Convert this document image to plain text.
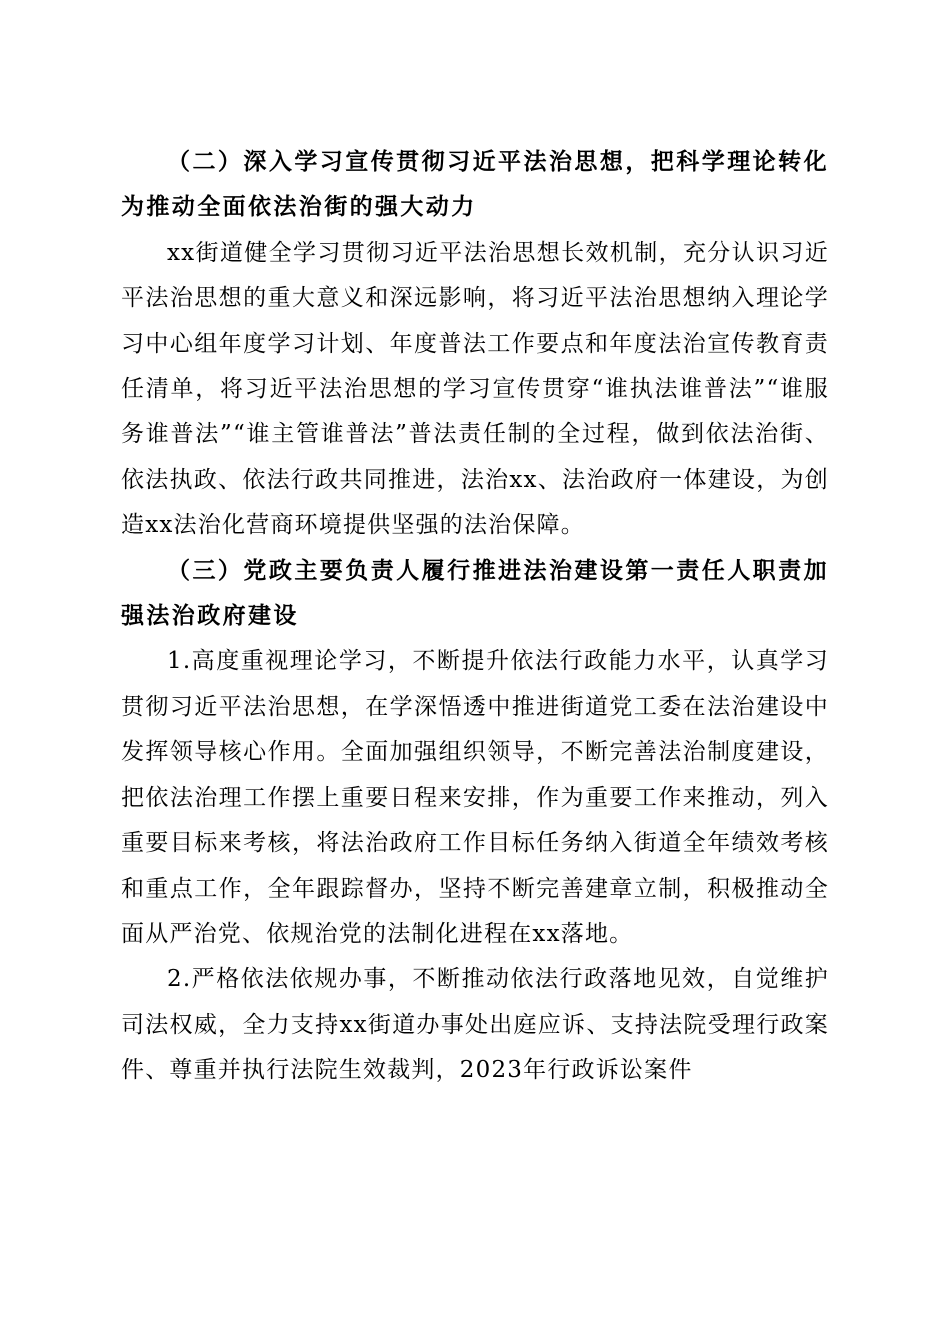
（二）深入学习宣传贯彻习近平法治思想，把科学理论转化为推动全面依法治街的强大动力

xx街道健全学习贯彻习近平法治思想长效机制，充分认识习近平法治思想的重大意义和深远影响，将习近平法治思想纳入理论学习中心组年度学习计划、年度普法工作要点和年度法治宣传教育责任清单，将习近平法治思想的学习宣传贯穿“谁执法谁普法”“谁服务谁普法”“谁主管谁普法”普法责任制的全过程，做到依法治街、依法执政、依法行政共同推进，法治xx、法治政府一体建设，为创造xx法治化营商环境提供坚强的法治保障。

（三）党政主要负责人履行推进法治建设第一责任人职责加强法治政府建设

1.高度重视理论学习，不断提升依法行政能力水平，认真学习贯彻习近平法治思想，在学深悟透中推进街道党工委在法治建设中发挥领导核心作用。全面加强组织领导，不断完善法治制度建设，把依法治理工作摆上重要日程来安排，作为重要工作来推动，列入重要目标来考核，将法治政府工作目标任务纳入街道全年绩效考核和重点工作，全年跟踪督办，坚持不断完善建章立制，积极推动全面从严治党、依规治党的法制化进程在xx落地。

2.严格依法依规办事，不断推动依法行政落地见效，自觉维护司法权威，全力支持xx街道办事处出庭应诉、支持法院受理行政案件、尊重并执行法院生效裁判，2023年行政诉讼案件
